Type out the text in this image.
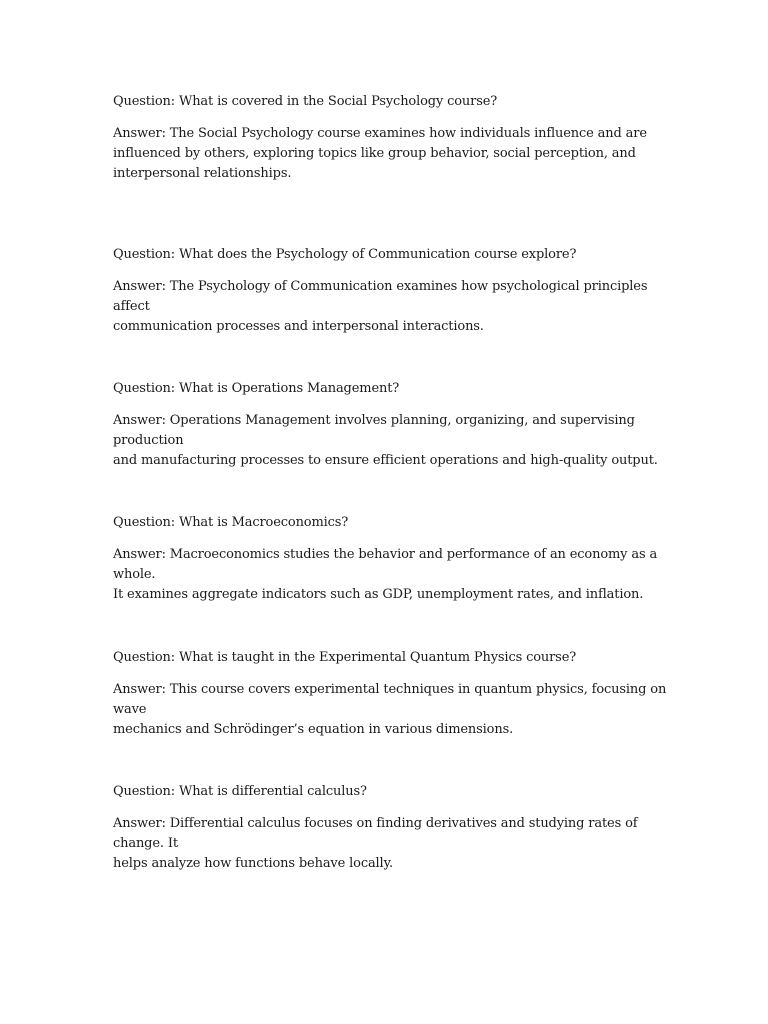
Question: What is covered in the Social Psychology course?

Answer: The Social Psychology course examines how individuals influence and are
influenced by others, exploring topics like group behavior, social perception, and
interpersonal relationships.

Question: What does the Psychology of Communication course explore?

Answer: The Psychology of Communication examines how psychological principles affect
communication processes and interpersonal interactions.

Question: What is Operations Management?

Answer: Operations Management involves planning, organizing, and supervising production
and manufacturing processes to ensure efficient operations and high-quality output.

Question: What is Macroeconomics?

Answer: Macroeconomics studies the behavior and performance of an economy as a whole.
It examines aggregate indicators such as GDP, unemployment rates, and inflation.

Question: What is taught in the Experimental Quantum Physics course?

Answer: This course covers experimental techniques in quantum physics, focusing on wave
mechanics and Schrödinger’s equation in various dimensions.

Question: What is differential calculus?

Answer: Differential calculus focuses on finding derivatives and studying rates of change. It
helps analyze how functions behave locally.
